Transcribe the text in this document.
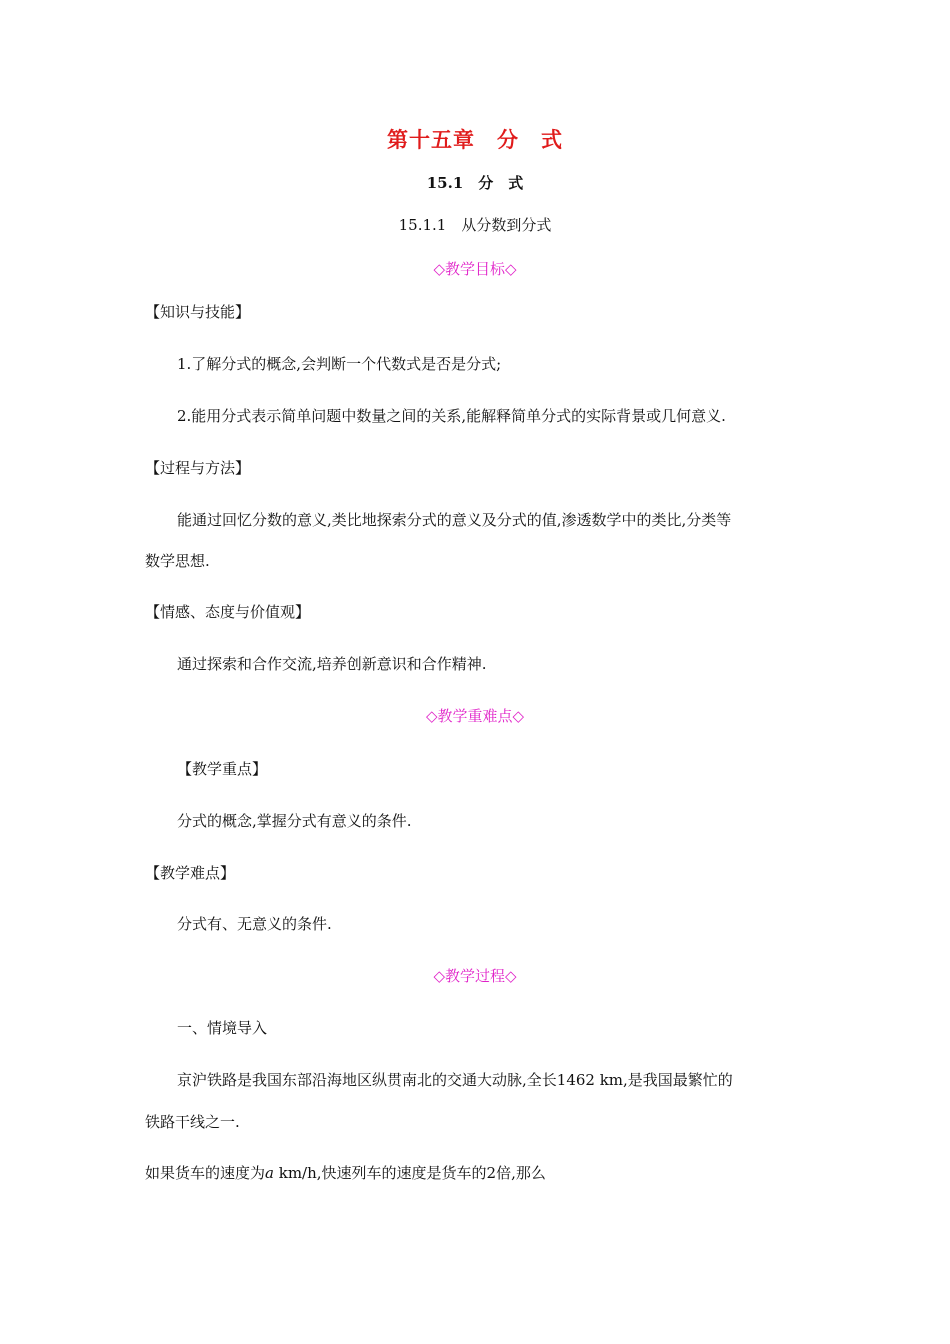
第十五章　分　式
15.1　分　式
15.1.1　从分数到分式
◇教学目标◇
【知识与技能】
1.了解分式的概念,会判断一个代数式是否是分式;
2.能用分式表示简单问题中数量之间的关系,能解释简单分式的实际背景或几何意义.
【过程与方法】
能通过回忆分数的意义,类比地探索分式的意义及分式的值,渗透数学中的类比,分类等
数学思想.
【情感、态度与价值观】
通过探索和合作交流,培养创新意识和合作精神.
◇教学重难点◇
【教学重点】
分式的概念,掌握分式有意义的条件.
【教学难点】
分式有、无意义的条件.
◇教学过程◇
一、情境导入
京沪铁路是我国东部沿海地区纵贯南北的交通大动脉,全长1462 km,是我国最繁忙的
铁路干线之一.
如果货车的速度为a km/h,快速列车的速度是货车的2倍,那么
